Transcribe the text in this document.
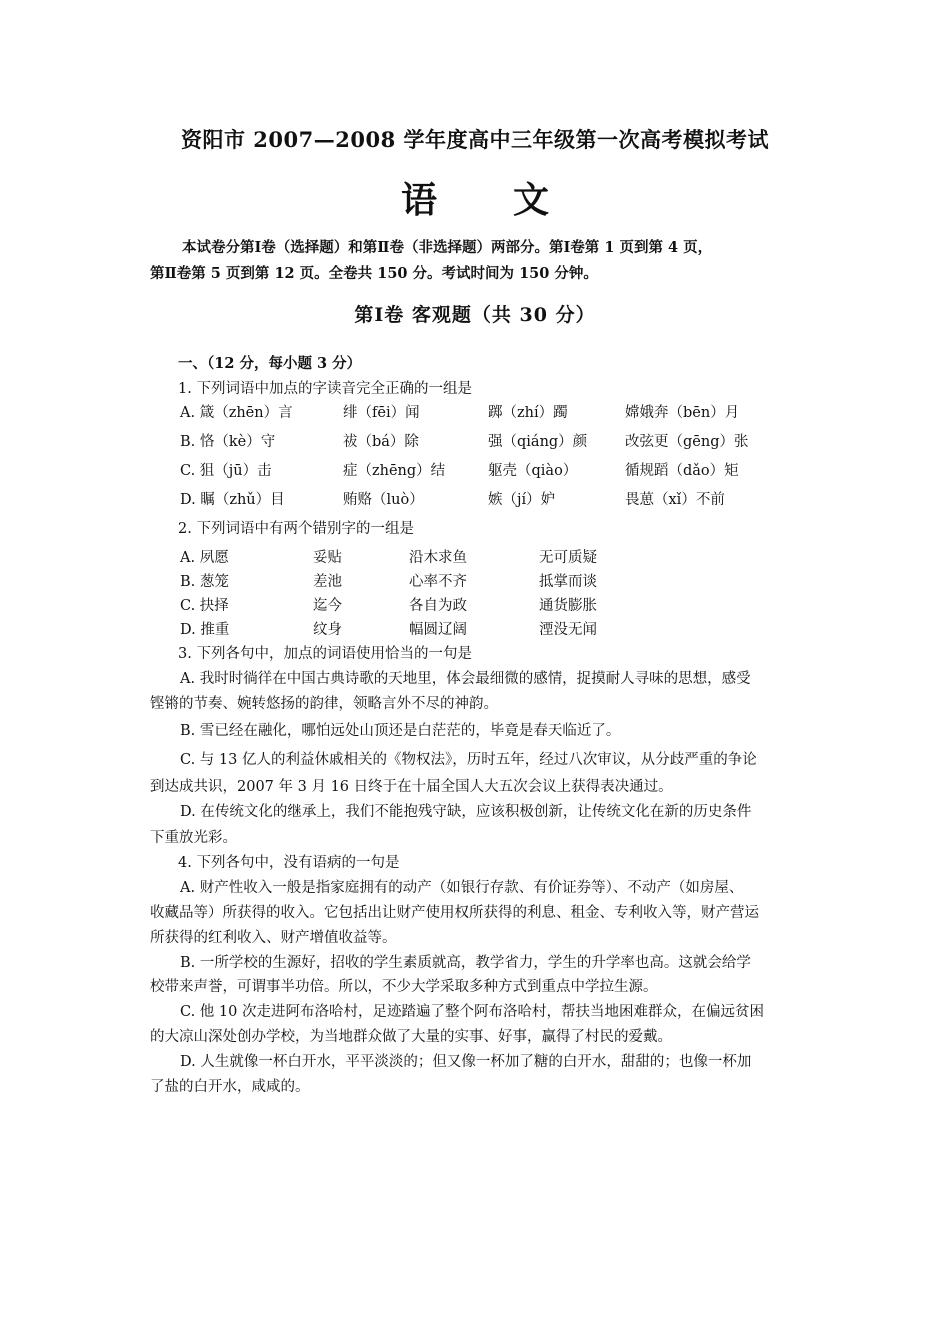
资阳市 2007—2008 学年度高中三年级第一次高考模拟考试
语文
本试卷分第Ⅰ卷（选择题）和第Ⅱ卷（非选择题）两部分。第Ⅰ卷第 1 页到第 4 页，
第Ⅱ卷第 5 页到第 12 页。全卷共 150 分。考试时间为 150 分钟。
第Ⅰ卷 客观题（共 30 分）
一、（12 分，每小题 3 分）
1. 下列词语中加点的字读音完全正确的一组是
A. 箴（zhēn）言	绯（fēi）闻	踯（zhí）躅	嫦娥奔（bēn）月
B. 恪（kè）守	祓（bá）除	强（qiáng）颜	改弦更（gēng）张
C. 狙（jū）击	症（zhēng）结	躯壳（qiào）	循规蹈（dǎo）矩
D. 瞩（zhǔ）目	贿赂（luò）	嫉（jí）妒	畏葸（xǐ）不前
2. 下列词语中有两个错别字的一组是
A. 夙愿	妥贴	沿木求鱼	无可质疑
B. 葱笼	差池	心率不齐	抵掌而谈
C. 抉择	迄今	各自为政	通货膨胀
D. 推重	纹身	幅圆辽阔	湮没无闻
3. 下列各句中，加点的词语使用恰当的一句是
A. 我时时徜徉在中国古典诗歌的天地里，体会最细微的感情，捉摸耐人寻味的思想，感受
铿锵的节奏、婉转悠扬的韵律，领略言外不尽的神韵。
B. 雪已经在融化，哪怕远处山顶还是白茫茫的，毕竟是春天临近了。
C. 与 13 亿人的利益休戚相关的《物权法》，历时五年，经过八次审议，从分歧严重的争论
到达成共识，2007 年 3 月 16 日终于在十届全国人大五次会议上获得表决通过。
D. 在传统文化的继承上，我们不能抱残守缺，应该积极创新，让传统文化在新的历史条件
下重放光彩。
4. 下列各句中，没有语病的一句是
A. 财产性收入一般是指家庭拥有的动产（如银行存款、有价证券等）、不动产（如房屋、
收藏品等）所获得的收入。它包括出让财产使用权所获得的利息、租金、专利收入等，财产营运
所获得的红利收入、财产增值收益等。
B. 一所学校的生源好，招收的学生素质就高，教学省力，学生的升学率也高。这就会给学
校带来声誉，可谓事半功倍。所以，不少大学采取多种方式到重点中学拉生源。
C. 他 10 次走进阿布洛哈村，足迹踏遍了整个阿布洛哈村，帮扶当地困难群众，在偏远贫困
的大凉山深处创办学校，为当地群众做了大量的实事、好事，赢得了村民的爱戴。
D. 人生就像一杯白开水，平平淡淡的；但又像一杯加了糖的白开水，甜甜的；也像一杯加
了盐的白开水，咸咸的。
